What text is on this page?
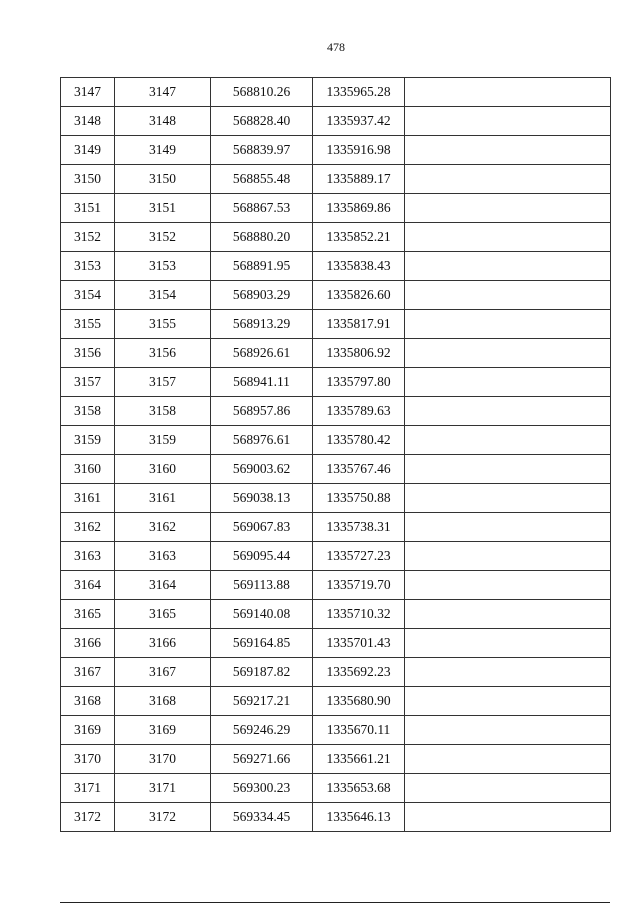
478
3147	3147	568810.26	1335965.28	
3148	3148	568828.40	1335937.42	
3149	3149	568839.97	1335916.98	
3150	3150	568855.48	1335889.17	
3151	3151	568867.53	1335869.86	
3152	3152	568880.20	1335852.21	
3153	3153	568891.95	1335838.43	
3154	3154	568903.29	1335826.60	
3155	3155	568913.29	1335817.91	
3156	3156	568926.61	1335806.92	
3157	3157	568941.11	1335797.80	
3158	3158	568957.86	1335789.63	
3159	3159	568976.61	1335780.42	
3160	3160	569003.62	1335767.46	
3161	3161	569038.13	1335750.88	
3162	3162	569067.83	1335738.31	
3163	3163	569095.44	1335727.23	
3164	3164	569113.88	1335719.70	
3165	3165	569140.08	1335710.32	
3166	3166	569164.85	1335701.43	
3167	3167	569187.82	1335692.23	
3168	3168	569217.21	1335680.90	
3169	3169	569246.29	1335670.11	
3170	3170	569271.66	1335661.21	
3171	3171	569300.23	1335653.68	
3172	3172	569334.45	1335646.13	
